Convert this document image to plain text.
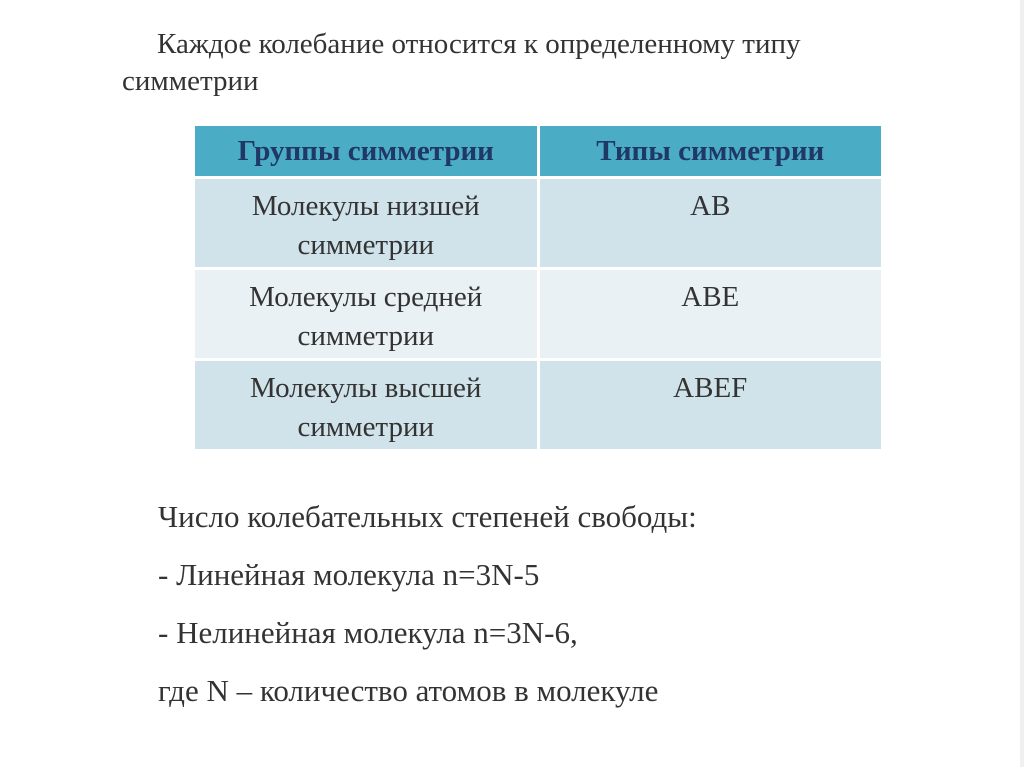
Каждое колебание относится к определенному типу симметрии
Группы симметрии	Типы симметрии
Молекулы низшей симметрии	АВ
Молекулы средней симметрии	АВЕ
Молекулы высшей симметрии	АВЕF
Число колебательных степеней свободы:
- Линейная молекула n=3N-5
- Нелинейная молекула n=3N-6,
где N – количество атомов в молекуле
